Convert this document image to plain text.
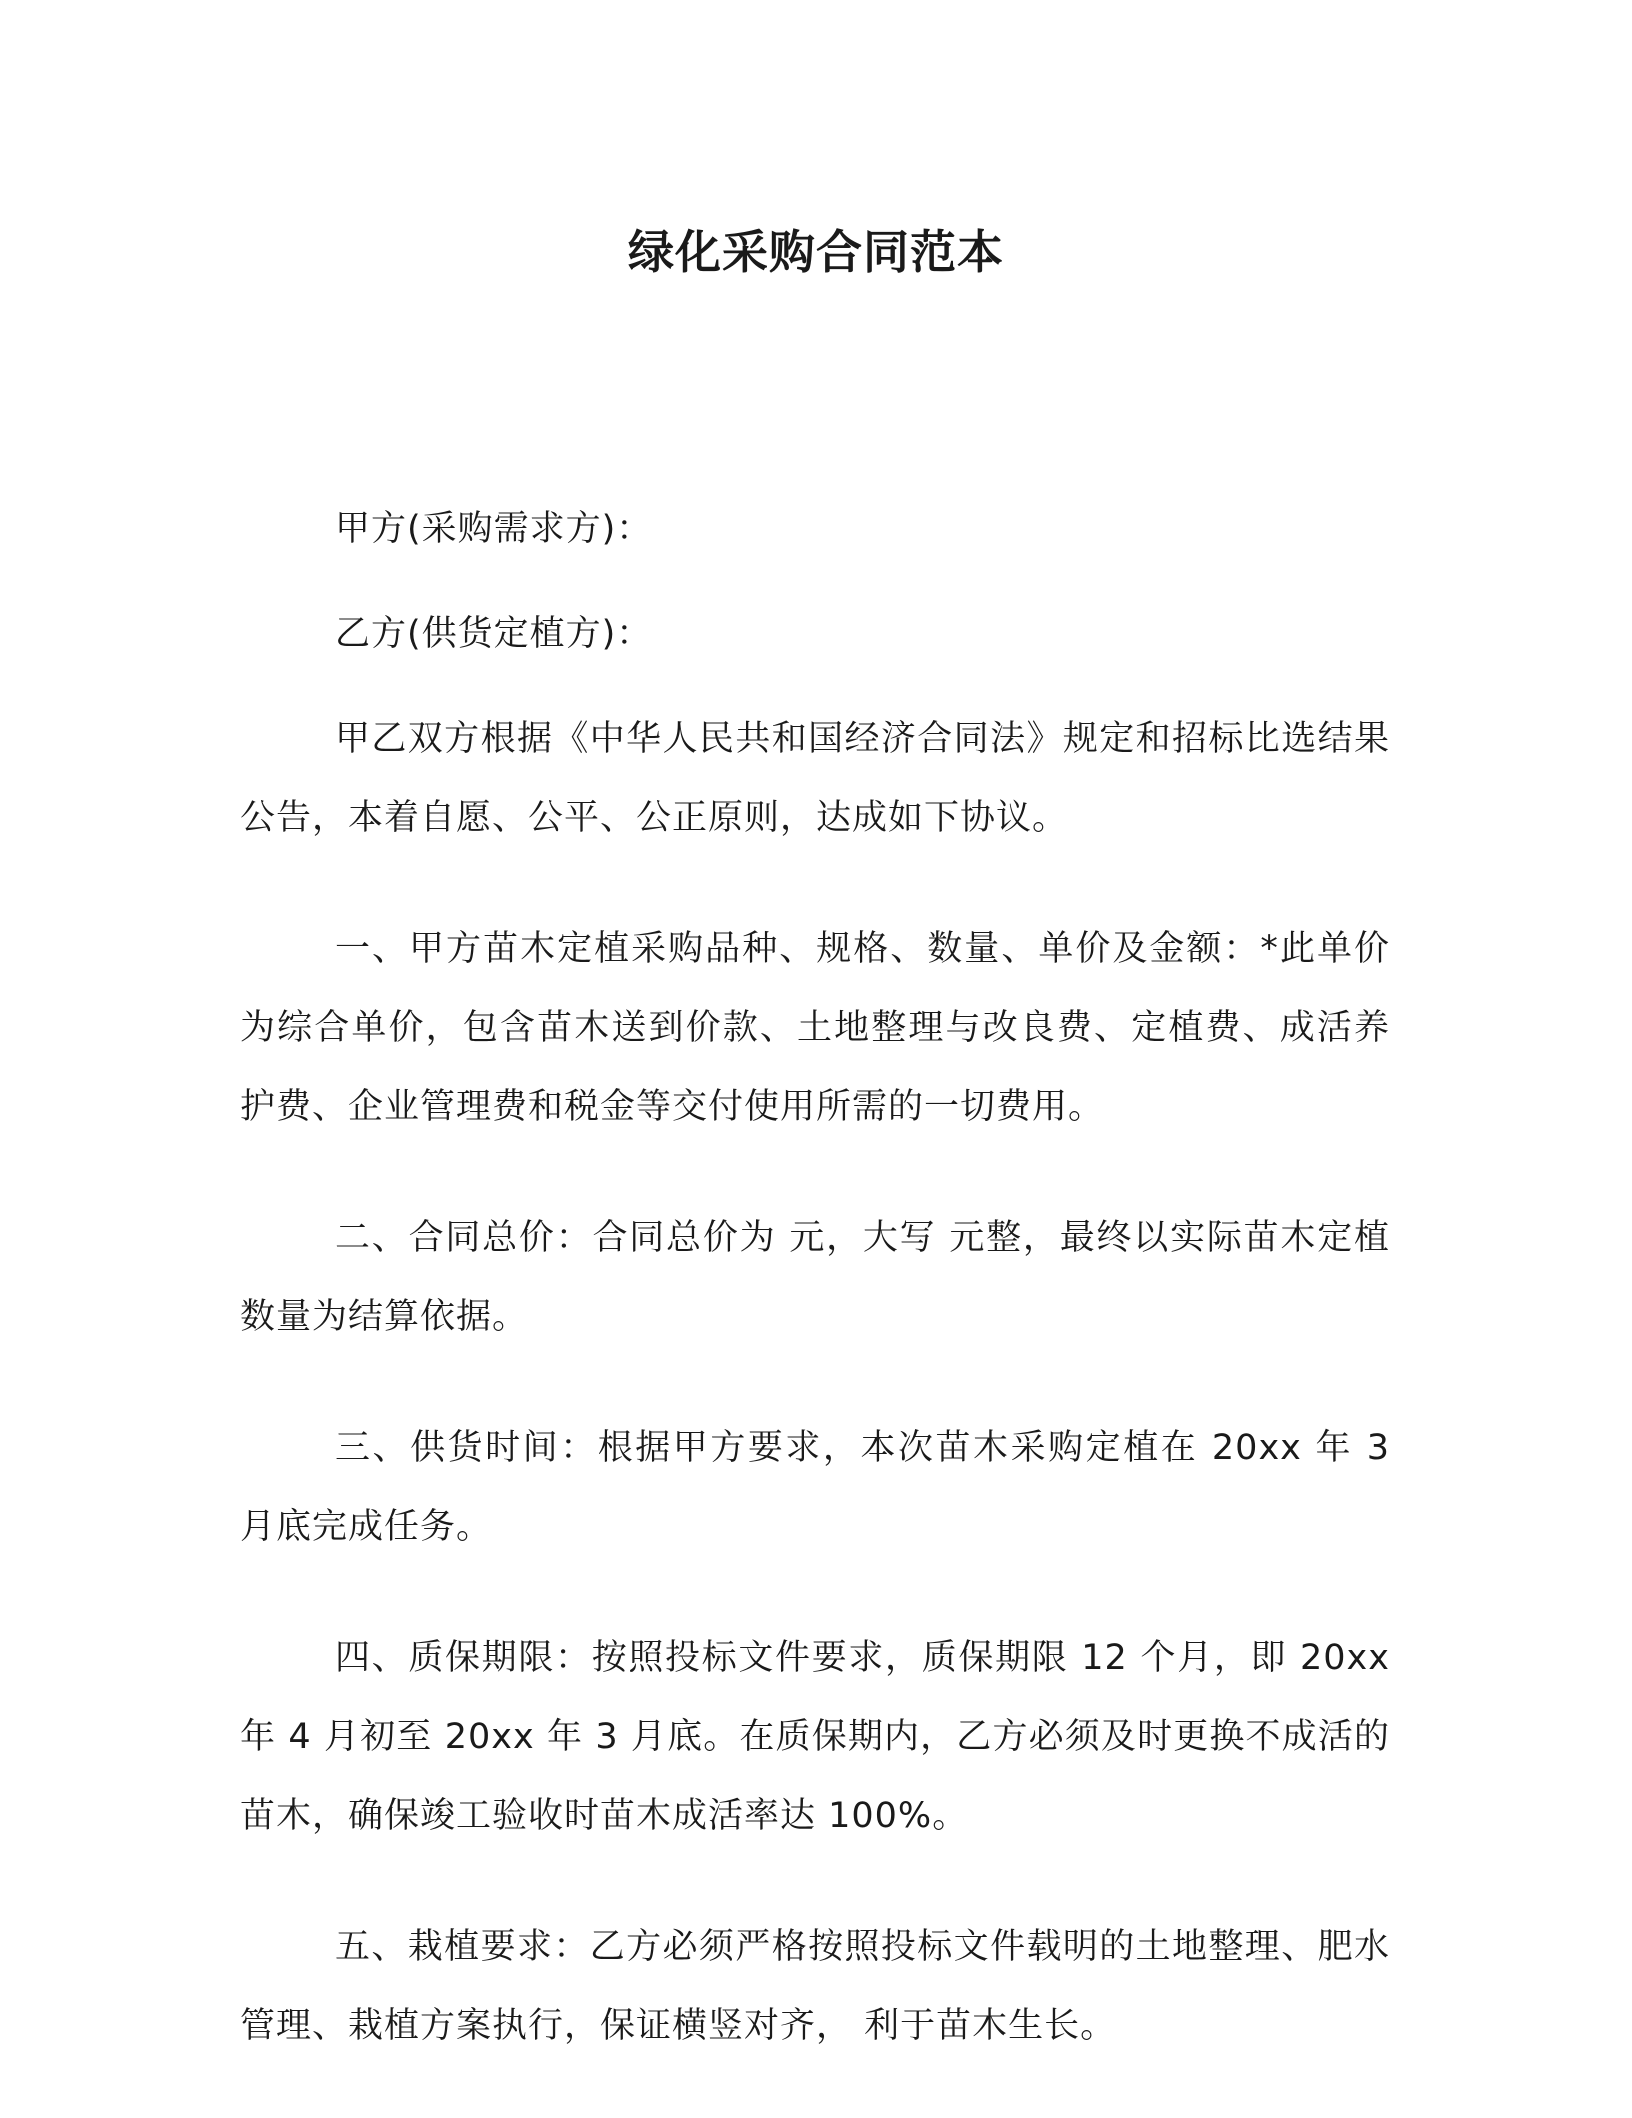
绿化采购合同范本

甲方(采购需求方)：

乙方(供货定植方)：

甲乙双方根据《中华人民共和国经济合同法》规定和招标比选结果公告，本着自愿、公平、公正原则，达成如下协议。

一、甲方苗木定植采购品种、规格、数量、单价及金额：*此单价为综合单价，包含苗木送到价款、土地整理与改良费、定植费、成活养护费、企业管理费和税金等交付使用所需的一切费用。

二、合同总价：合同总价为 元，大写 元整，最终以实际苗木定植数量为结算依据。

三、供货时间：根据甲方要求，本次苗木采购定植在 20xx 年 3 月底完成任务。

四、质保期限：按照投标文件要求，质保期限 12 个月，即 20xx 年 4 月初至 20xx 年 3 月底。在质保期内，乙方必须及时更换不成活的苗木，确保竣工验收时苗木成活率达 100%。

五、栽植要求：乙方必须严格按照投标文件载明的土地整理、肥水管理、栽植方案执行，保证横竖对齐， 利于苗木生长。
